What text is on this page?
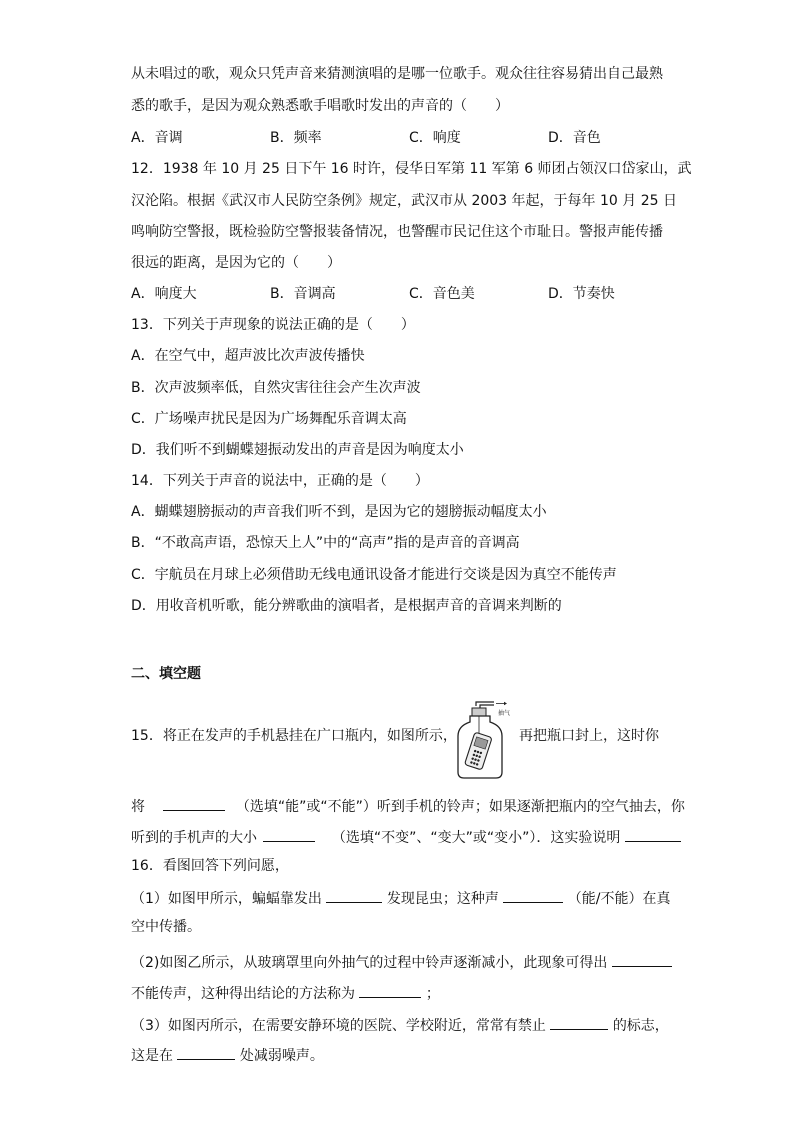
从未唱过的歌，观众只凭声音来猜测演唱的是哪一位歌手。观众往往容易猜出自己最熟
悉的歌手，是因为观众熟悉歌手唱歌时发出的声音的（　　）
A．音调	B．频率	C．响度	D．音色
12．1938 年 10 月 25 日下午 16 时许，侵华日军第 11 军第 6 师团占领汉口岱家山，武
汉沦陷。根据《武汉市人民防空条例》规定，武汉市从 2003 年起，于每年 10 月 25 日
鸣响防空警报，既检验防空警报装备情况，也警醒市民记住这个市耻日。警报声能传播
很远的距离，是因为它的（　　）
A．响度大	B．音调高	C．音色美	D．节奏快
13．下列关于声现象的说法正确的是（　　）
A．在空气中，超声波比次声波传播快
B．次声波频率低，自然灾害往往会产生次声波
C．广场噪声扰民是因为广场舞配乐音调太高
D．我们听不到蝴蝶翅振动发出的声音是因为响度太小
14．下列关于声音的说法中，正确的是（　　）
A．蝴蝶翅膀振动的声音我们听不到，是因为它的翅膀振动幅度太小
B．“不敢高声语，恐惊天上人”中的“高声”指的是声音的音调高
C．宇航员在月球上必须借助无线电通讯设备才能进行交谈是因为真空不能传声
D．用收音机听歌，能分辨歌曲的演唱者，是根据声音的音调来判断的
二、填空题
15．将正在发声的手机悬挂在广口瓶内，如图所示，
抽气
再把瓶口封上，这时你
将	（选填“能”或“不能”）听到手机的铃声；如果逐渐把瓶内的空气抽去，你
听到的手机声的大小	（选填“不变”、“变大”或“变小”）．这实验说明
16．看图回答下列问愿，
（1）如图甲所示，蝙蝠靠发出	发现昆虫；这种声	（能/不能）在真
空中传播。
（2)如图乙所示，从玻璃罩里向外抽气的过程中铃声逐渐减小，此现象可得出
不能传声，这种得出结论的方法称为	；
（3）如图丙所示，在需要安静环境的医院、学校附近，常常有禁止	的标志，
这是在	处减弱噪声。
